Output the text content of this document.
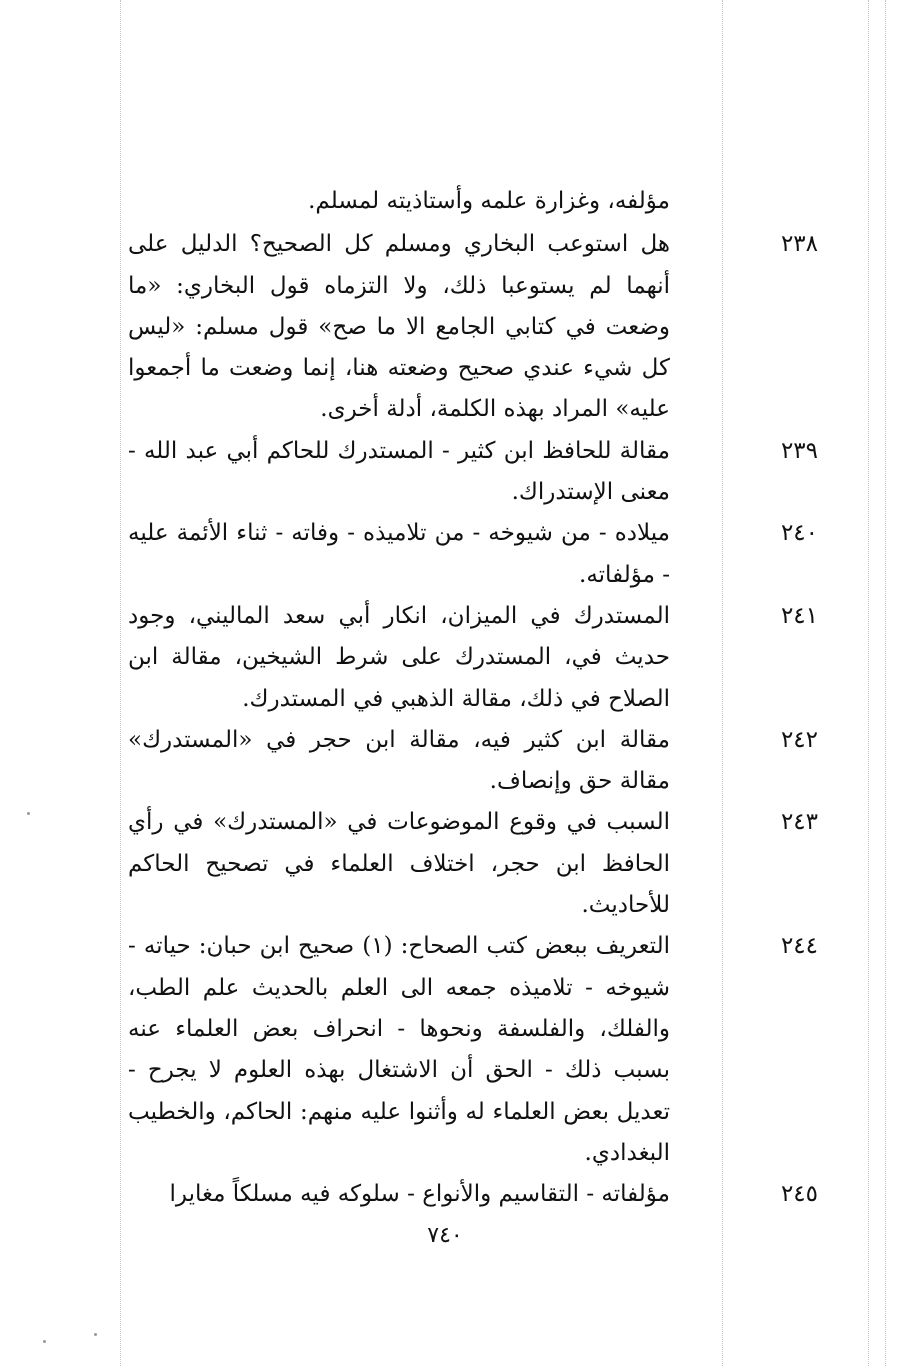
مؤلفه، وغزارة علمه وأستاذيته لمسلم.

٢٣٨

هل استوعب البخاري ومسلم كل الصحيح؟ الدليل على أنهما لم يستوعبا ذلك، ولا التزماه قول البخاري: «ما وضعت في كتابي الجامع الا ما صح» قول مسلم: «ليس كل شيء عندي صحيح وضعته هنا، إنما وضعت ما أجمعوا عليه» المراد بهذه الكلمة، أدلة أخرى.

٢٣٩

مقالة للحافظ ابن كثير - المستدرك للحاكم أبي عبد الله - معنى الإستدراك.

٢٤٠

ميلاده - من شيوخه - من تلاميذه - وفاته - ثناء الأئمة عليه - مؤلفاته.

٢٤١

المستدرك في الميزان، انكار أبي سعد الماليني، وجود حديث في، المستدرك على شرط الشيخين، مقالة ابن الصلاح في ذلك، مقالة الذهبي في المستدرك.

٢٤٢

مقالة ابن كثير فيه، مقالة ابن حجر في «المستدرك» مقالة حق وإنصاف.

٢٤٣

السبب في وقوع الموضوعات في «المستدرك» في رأي الحافظ ابن حجر، اختلاف العلماء في تصحيح الحاكم للأحاديث.

٢٤٤

التعريف ببعض كتب الصحاح: (١) صحيح ابن حبان: حياته - شيوخه - تلاميذه جمعه الى العلم بالحديث علم الطب، والفلك، والفلسفة ونحوها - انحراف بعض العلماء عنه بسبب ذلك - الحق أن الاشتغال بهذه العلوم لا يجرح - تعديل بعض العلماء له وأثنوا عليه منهم: الحاكم، والخطيب البغدادي.

٢٤٥

مؤلفاته - التقاسيم والأنواع - سلوكه فيه مسلكاً مغايرا

٧٤٠
